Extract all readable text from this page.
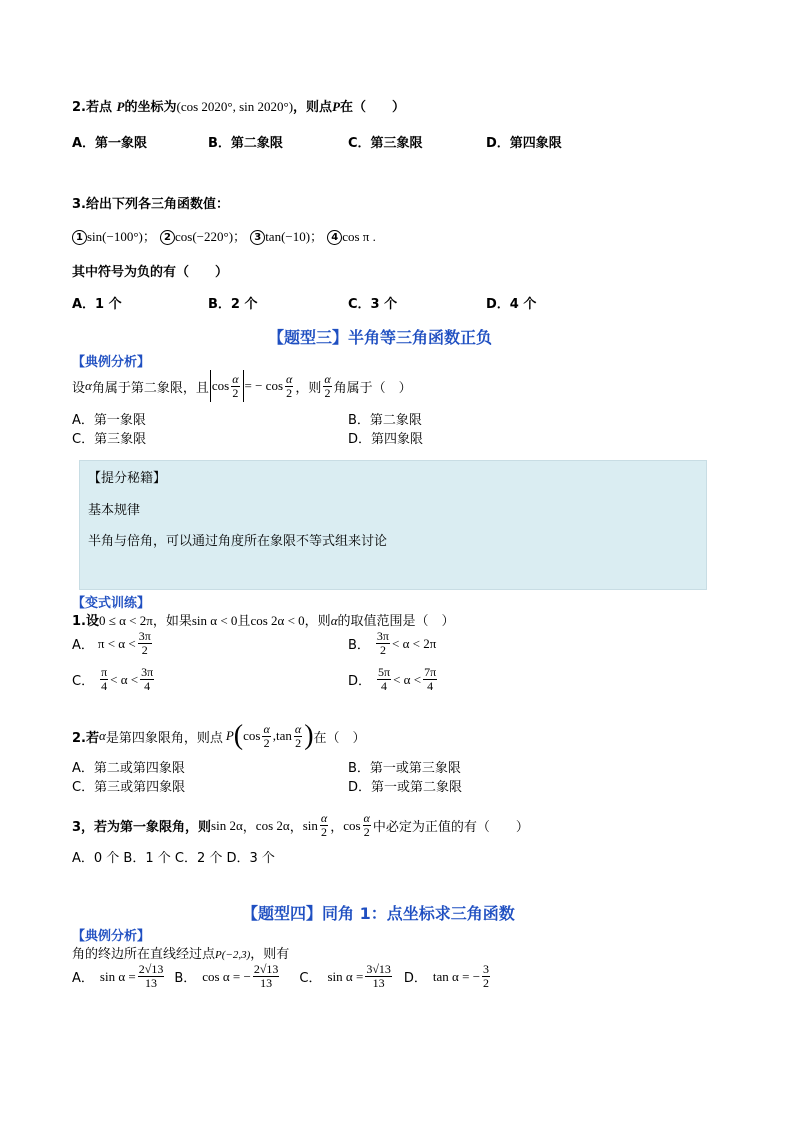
2.若点 P的坐标为(cos 2020°, sin 2020°)，则点P在（　　）
A．第一象限	B．第二象限	C．第三象限	D．第四象限
3.给出下列各三角函数值：
1 sin(−100°)； 2 cos(−220°)； 3 tan(−10)； 4 cos π .
其中符号为负的有（　　）
A．1 个	B．2 个	C．3 个	D．4 个
【题型三】半角等三角函数正负
【典例分析】
设 α 角属于第二象限，且 $\cos \frac{\alpha}{2}$ = − $\cos \frac{\alpha}{2}$ ，则 $\frac{\alpha}{2}$ 角属于（　）
A．第一象限	B．第二象限
C．第三象限	D．第四象限
【提分秘籍】
基本规律
半角与倍角，可以通过角度所在象限不等式组来讨论
【变式训练】
1.设0 ≤ α < 2π，如果sin α < 0且cos 2α < 0，则α的取值范围是（　）
A． $\pi < \alpha < \frac{3\pi}{2}$	B． $\frac{3\pi}{2} < \alpha < 2\pi$
C． $\frac{\pi}{4} < \alpha < \frac{3\pi}{4}$	D． $\frac{5\pi}{4} < \alpha < \frac{7\pi}{4}$
2.若 α 是第四象限角，则点 P ( $\cos \frac{\alpha}{2} ,\tan \frac{\alpha}{2}$ ) 在（　）
A．第二或第四象限	B．第一或第三象限
C．第三或第四象限	D．第一或第二象限
3，若为第一象限角，则 sin 2α ， cos 2α ， $\sin \frac{\alpha}{2}$ ， $\cos \frac{\alpha}{2}$ 中必定为正值的有（　　）
A．0 个 B．1 个 C．2 个 D．3 个
【题型四】同角 1：点坐标求三角函数
【典例分析】
角的终边所在直线经过点P(−2,3)，则有
A． $\sin \alpha = \frac{2√13}{13}$ B． cos α = − $\frac{2√13}{13}$ C． $\sin \alpha = \frac{3√13}{13}$ D． tan α = − $\frac{3}{2}$
